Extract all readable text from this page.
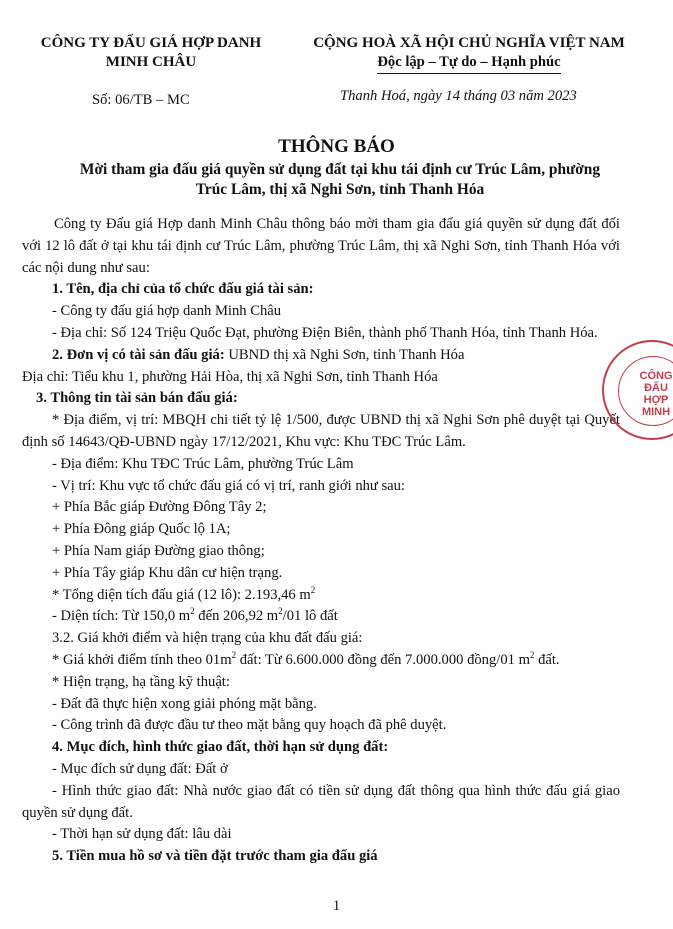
CÔNG TY ĐẤU GIÁ HỢP DANH
MINH CHÂU
CỘNG HOÀ XÃ HỘI CHỦ NGHĨA VIỆT NAM
Độc lập – Tự do – Hạnh phúc
Số: 06/TB – MC	Thanh Hoá, ngày 14 tháng 03 năm 2023
THÔNG BÁO
Mời tham gia đấu giá quyền sử dụng đất tại khu tái định cư Trúc Lâm, phường
Trúc Lâm, thị xã Nghi Sơn, tỉnh Thanh Hóa

Công ty Đấu giá Hợp danh Minh Châu thông báo mời tham gia đấu giá quyền sử dụng đất đối với 12 lô đất ở tại khu tái định cư Trúc Lâm, phường Trúc Lâm, thị xã Nghi Sơn, tỉnh Thanh Hóa với các nội dung như sau:

1. Tên, địa chỉ của tổ chức đấu giá tài sản:

- Công ty đấu giá hợp danh Minh Châu

- Địa chỉ: Số 124 Triệu Quốc Đạt, phường Điện Biên, thành phố Thanh Hóa, tỉnh Thanh Hóa.

2. Đơn vị có tài sản đấu giá: UBND thị xã Nghi Sơn, tỉnh Thanh Hóa

Địa chỉ: Tiểu khu 1, phường Hải Hòa, thị xã Nghi Sơn, tỉnh Thanh Hóa

3. Thông tin tài sản bán đấu giá:

* Địa điểm, vị trí: MBQH chi tiết tỷ lệ 1/500, được UBND thị xã Nghi Sơn phê duyệt tại Quyết định số 14643/QĐ-UBND ngày 17/12/2021, Khu vực: Khu TĐC Trúc Lâm.

- Địa điểm: Khu TĐC Trúc Lâm, phường Trúc Lâm

- Vị trí: Khu vực tổ chức đấu giá có vị trí, ranh giới như sau:

+ Phía Bắc giáp Đường Đông Tây 2;

+ Phía Đông giáp Quốc lộ 1A;

+ Phía Nam giáp Đường giao thông;

+ Phía Tây giáp Khu dân cư hiện trạng.

* Tổng diện tích đấu giá (12 lô): 2.193,46 $m^2$

- Diện tích: Từ 150,0 $m^2$ đến 206,92 $m^2/01$ lô đất

3.2. Giá khởi điểm và hiện trạng của khu đất đấu giá:

* Giá khởi điểm tính theo $01m^2$ đất: Từ 6.600.000 đồng đến 7.000.000 đồng/01 $m^2$ đất.

* Hiện trạng, hạ tầng kỹ thuật:

- Đất đã thực hiện xong giải phóng mặt bằng.

- Công trình đã được đầu tư theo mặt bằng quy hoạch đã phê duyệt.

4. Mục đích, hình thức giao đất, thời hạn sử dụng đất:

- Mục đích sử dụng đất: Đất ở

- Hình thức giao đất: Nhà nước giao đất có tiền sử dụng đất thông qua hình thức đấu giá giao quyền sử dụng đất.

- Thời hạn sử dụng đất: lâu dài

5. Tiền mua hồ sơ và tiền đặt trước tham gia đấu giá

CÔNG
ĐẤU
HỢP
MINH
1
